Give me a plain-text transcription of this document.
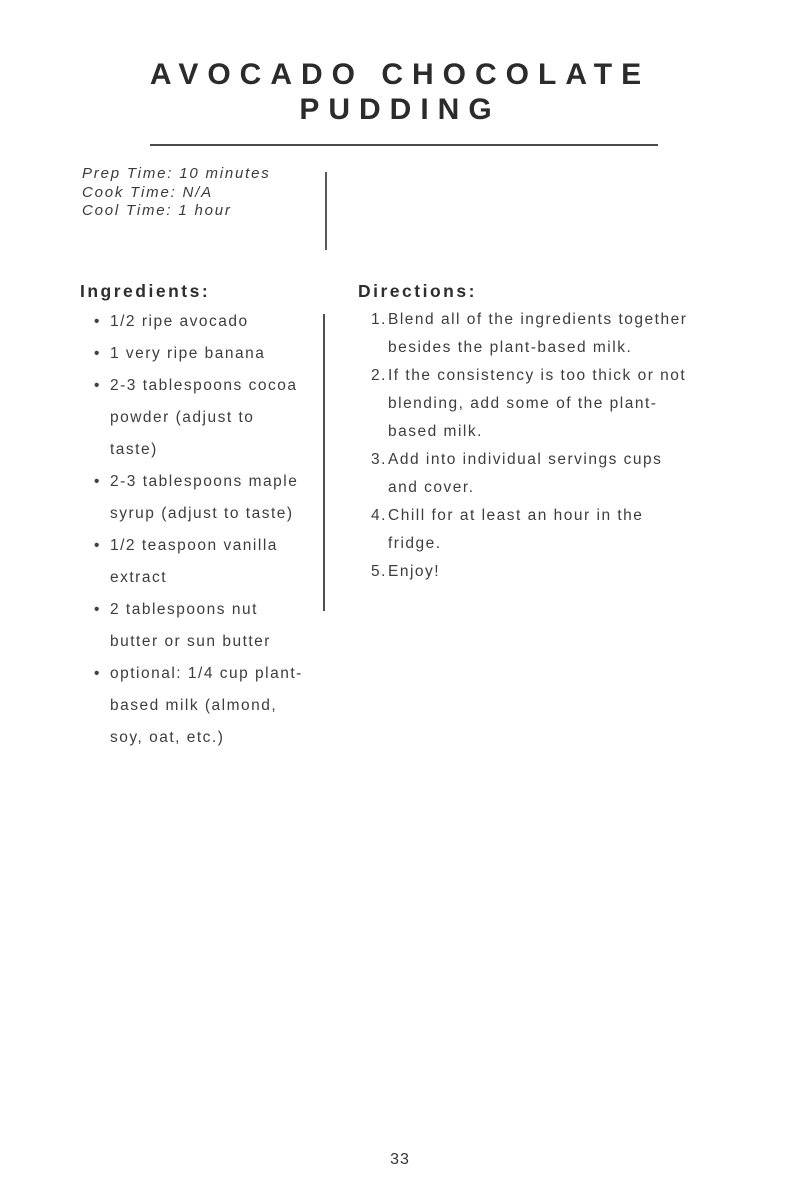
AVOCADO CHOCOLATE PUDDING

Prep Time: 10 minutes

Cook Time: N/A

Cool Time: 1 hour

Ingredients:
• 1/2 ripe avocado
• 1 very ripe banana
• 2-3 tablespoons cocoa powder (adjust to taste)
• 2-3 tablespoons maple syrup (adjust to taste)
• 1/2 teaspoon vanilla extract
• 2 tablespoons nut butter or sun butter
• optional: 1/4 cup plant-based milk (almond, soy, oat, etc.)
Directions:
Blend all of the ingredients together besides the plant-based milk.
If the consistency is too thick or not blending, add some of the plant-based milk.
Add into individual servings cups and cover.
Chill for at least an hour in the fridge.
Enjoy!

33
